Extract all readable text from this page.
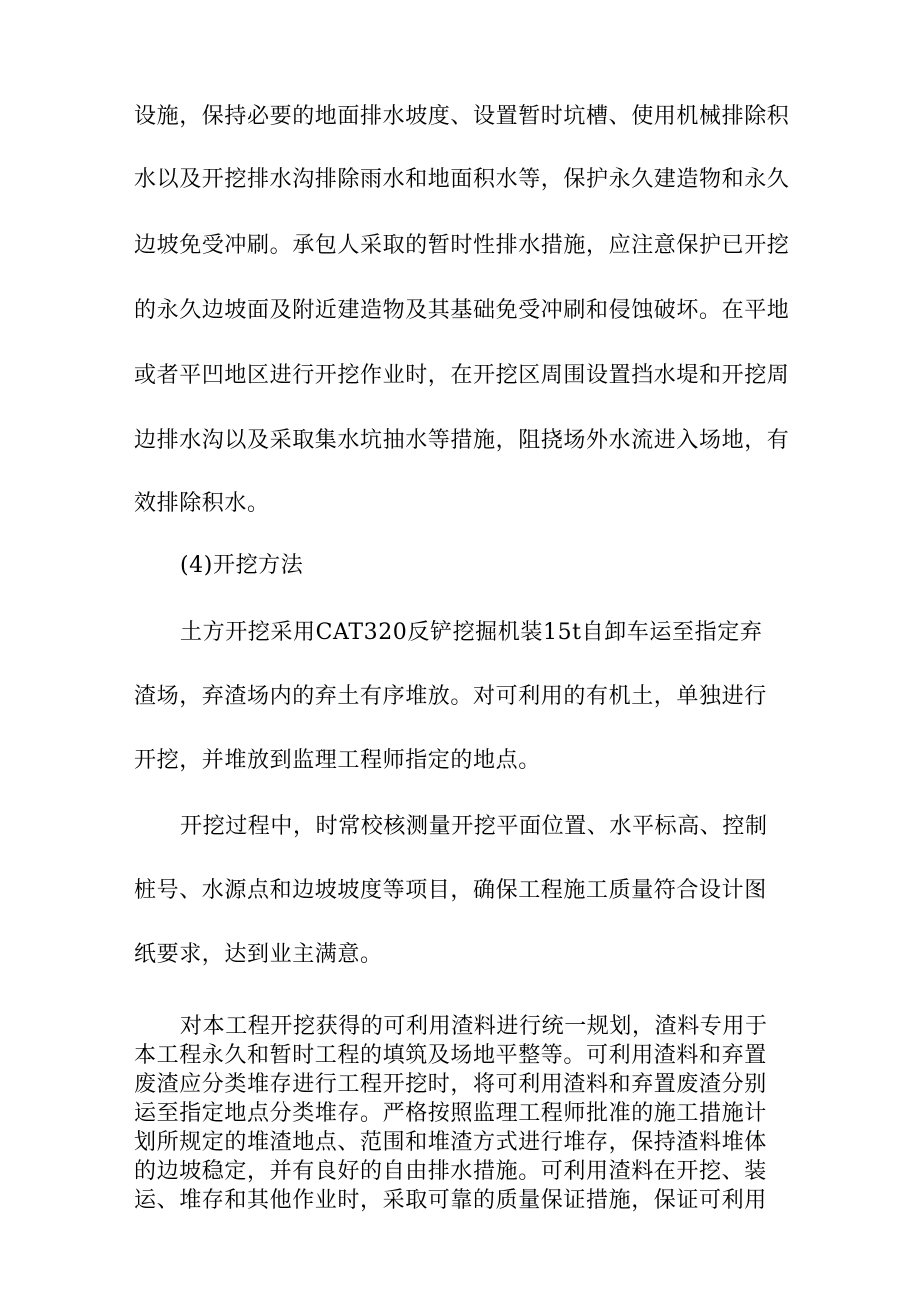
设施，保持必要的地面排水坡度、设置暂时坑槽、使用机械排除积
水以及开挖排水沟排除雨水和地面积水等，保护永久建造物和永久
边坡免受冲刷。承包人采取的暂时性排水措施，应注意保护已开挖
的永久边坡面及附近建造物及其基础免受冲刷和侵蚀破坏。在平地
或者平凹地区进行开挖作业时，在开挖区周围设置挡水堤和开挖周
边排水沟以及采取集水坑抽水等措施，阻挠场外水流进入场地，有
效排除积水。
(4)开挖方法
土方开挖采用CAT320反铲挖掘机装15t自卸车运至指定弃
渣场，弃渣场内的弃土有序堆放。对可利用的有机土，单独进行
开挖，并堆放到监理工程师指定的地点。
开挖过程中，时常校核测量开挖平面位置、水平标高、控制
桩号、水源点和边坡坡度等项目，确保工程施工质量符合设计图
纸要求，达到业主满意。
对本工程开挖获得的可利用渣料进行统一规划，渣料专用于
本工程永久和暂时工程的填筑及场地平整等。可利用渣料和弃置
废渣应分类堆存进行工程开挖时，将可利用渣料和弃置废渣分别
运至指定地点分类堆存。严格按照监理工程师批准的施工措施计
划所规定的堆渣地点、范围和堆渣方式进行堆存，保持渣料堆体
的边坡稳定，并有良好的自由排水措施。可利用渣料在开挖、装
运、堆存和其他作业时，采取可靠的质量保证措施，保证可利用
